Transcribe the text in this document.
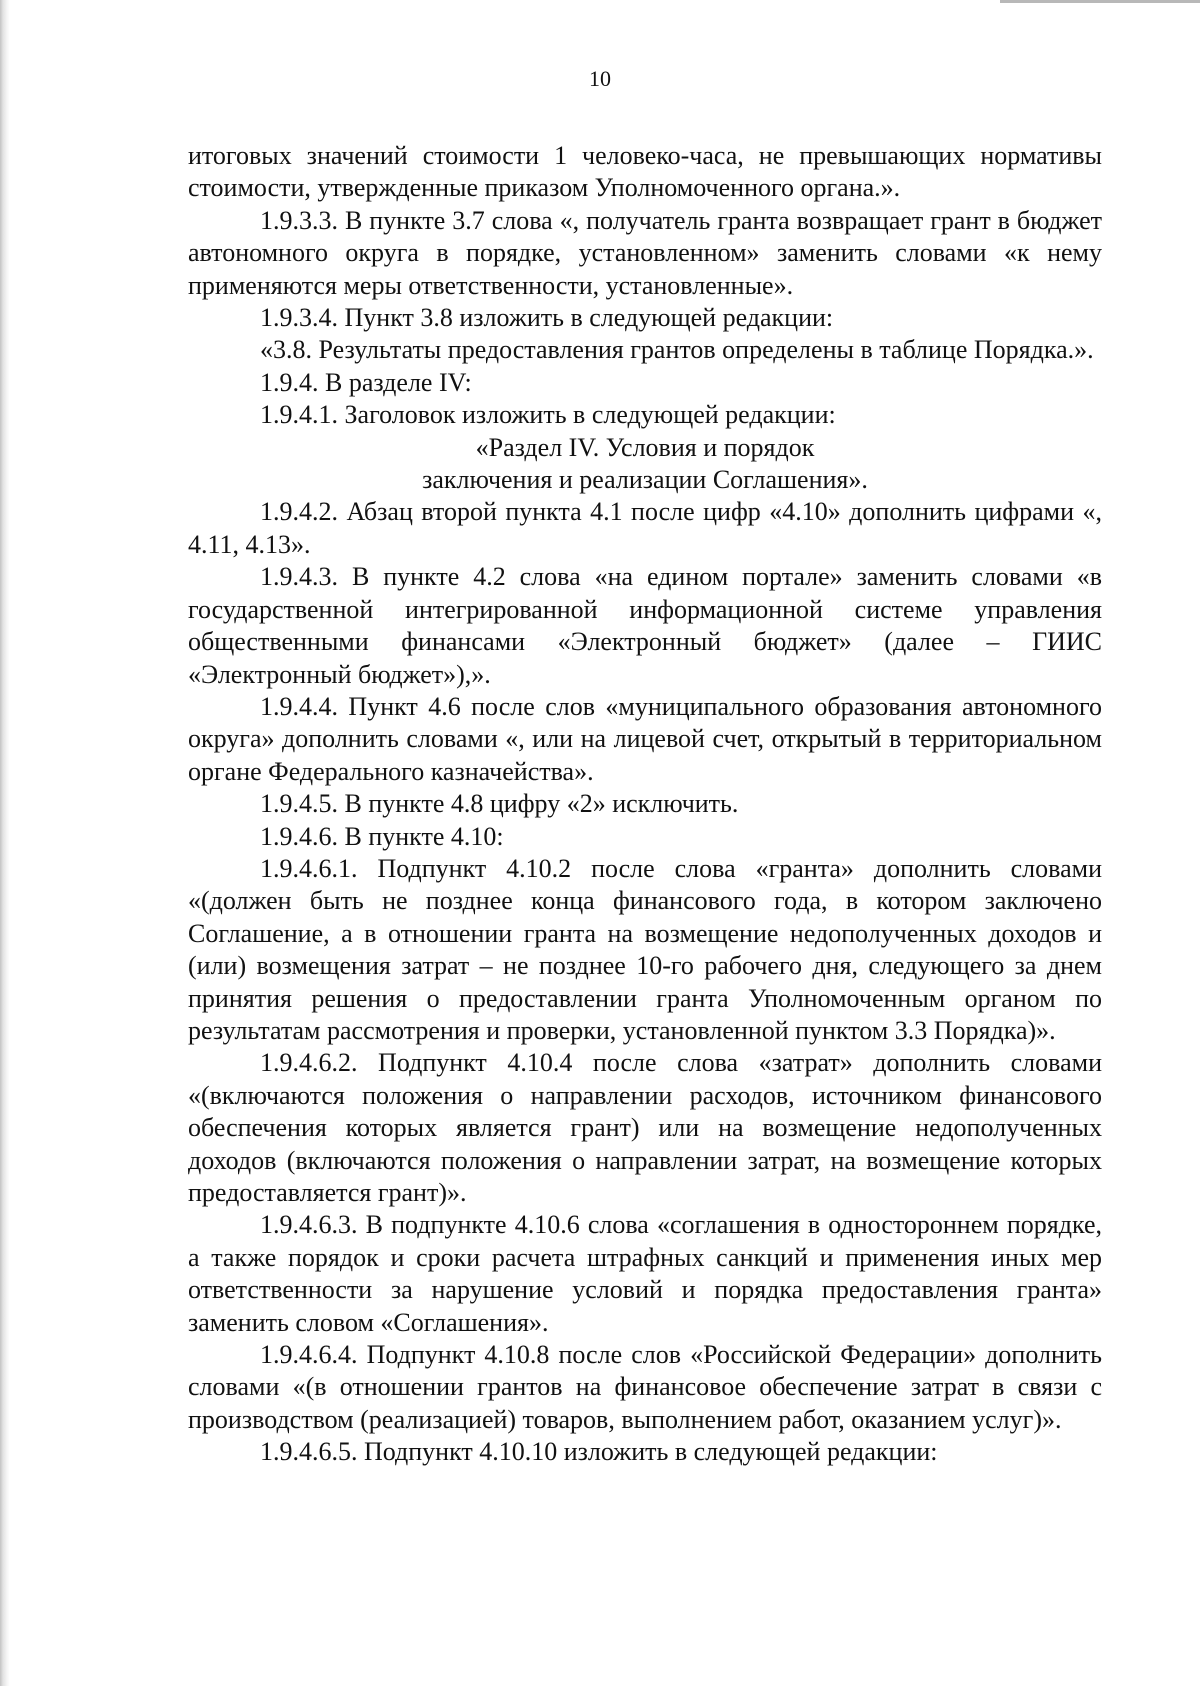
10

итоговых значений стоимости 1 человеко-часа, не превышающих нормативы стоимости, утвержденные приказом Уполномоченного органа.».

1.9.3.3. В пункте 3.7 слова «, получатель гранта возвращает грант в бюджет автономного округа в порядке, установленном» заменить словами «к нему применяются меры ответственности, установленные».

1.9.3.4. Пункт 3.8 изложить в следующей редакции:

«3.8. Результаты предоставления грантов определены в таблице Порядка.».

1.9.4. В разделе IV:

1.9.4.1. Заголовок изложить в следующей редакции:

«Раздел IV. Условия и порядок

заключения и реализации Соглашения».

1.9.4.2. Абзац второй пункта 4.1 после цифр «4.10» дополнить цифрами «, 4.11, 4.13».

1.9.4.3. В пункте 4.2 слова «на едином портале» заменить словами «в государственной интегрированной информационной системе управления общественными финансами «Электронный бюджет» (далее – ГИИС «Электронный бюджет»),».

1.9.4.4. Пункт 4.6 после слов «муниципального образования автономного округа» дополнить словами «, или на лицевой счет, открытый в территориальном органе Федерального казначейства».

1.9.4.5. В пункте 4.8 цифру «2» исключить.

1.9.4.6. В пункте 4.10:

1.9.4.6.1. Подпункт 4.10.2 после слова «гранта» дополнить словами «(должен быть не позднее конца финансового года, в котором заключено Соглашение, а в отношении гранта на возмещение недополученных доходов и (или) возмещения затрат – не позднее 10-го рабочего дня, следующего за днем принятия решения о предоставлении гранта Уполномоченным органом по результатам рассмотрения и проверки, установленной пунктом 3.3 Порядка)».

1.9.4.6.2. Подпункт 4.10.4 после слова «затрат» дополнить словами «(включаются положения о направлении расходов, источником финансового обеспечения которых является грант) или на возмещение недополученных доходов (включаются положения о направлении затрат, на возмещение которых предоставляется грант)».

1.9.4.6.3. В подпункте 4.10.6 слова «соглашения в одностороннем порядке, а также порядок и сроки расчета штрафных санкций и применения иных мер ответственности за нарушение условий и порядка предоставления гранта» заменить словом «Соглашения».

1.9.4.6.4. Подпункт 4.10.8 после слов «Российской Федерации» дополнить словами «(в отношении грантов на финансовое обеспечение затрат в связи с производством (реализацией) товаров, выполнением работ, оказанием услуг)».

1.9.4.6.5. Подпункт 4.10.10 изложить в следующей редакции:
